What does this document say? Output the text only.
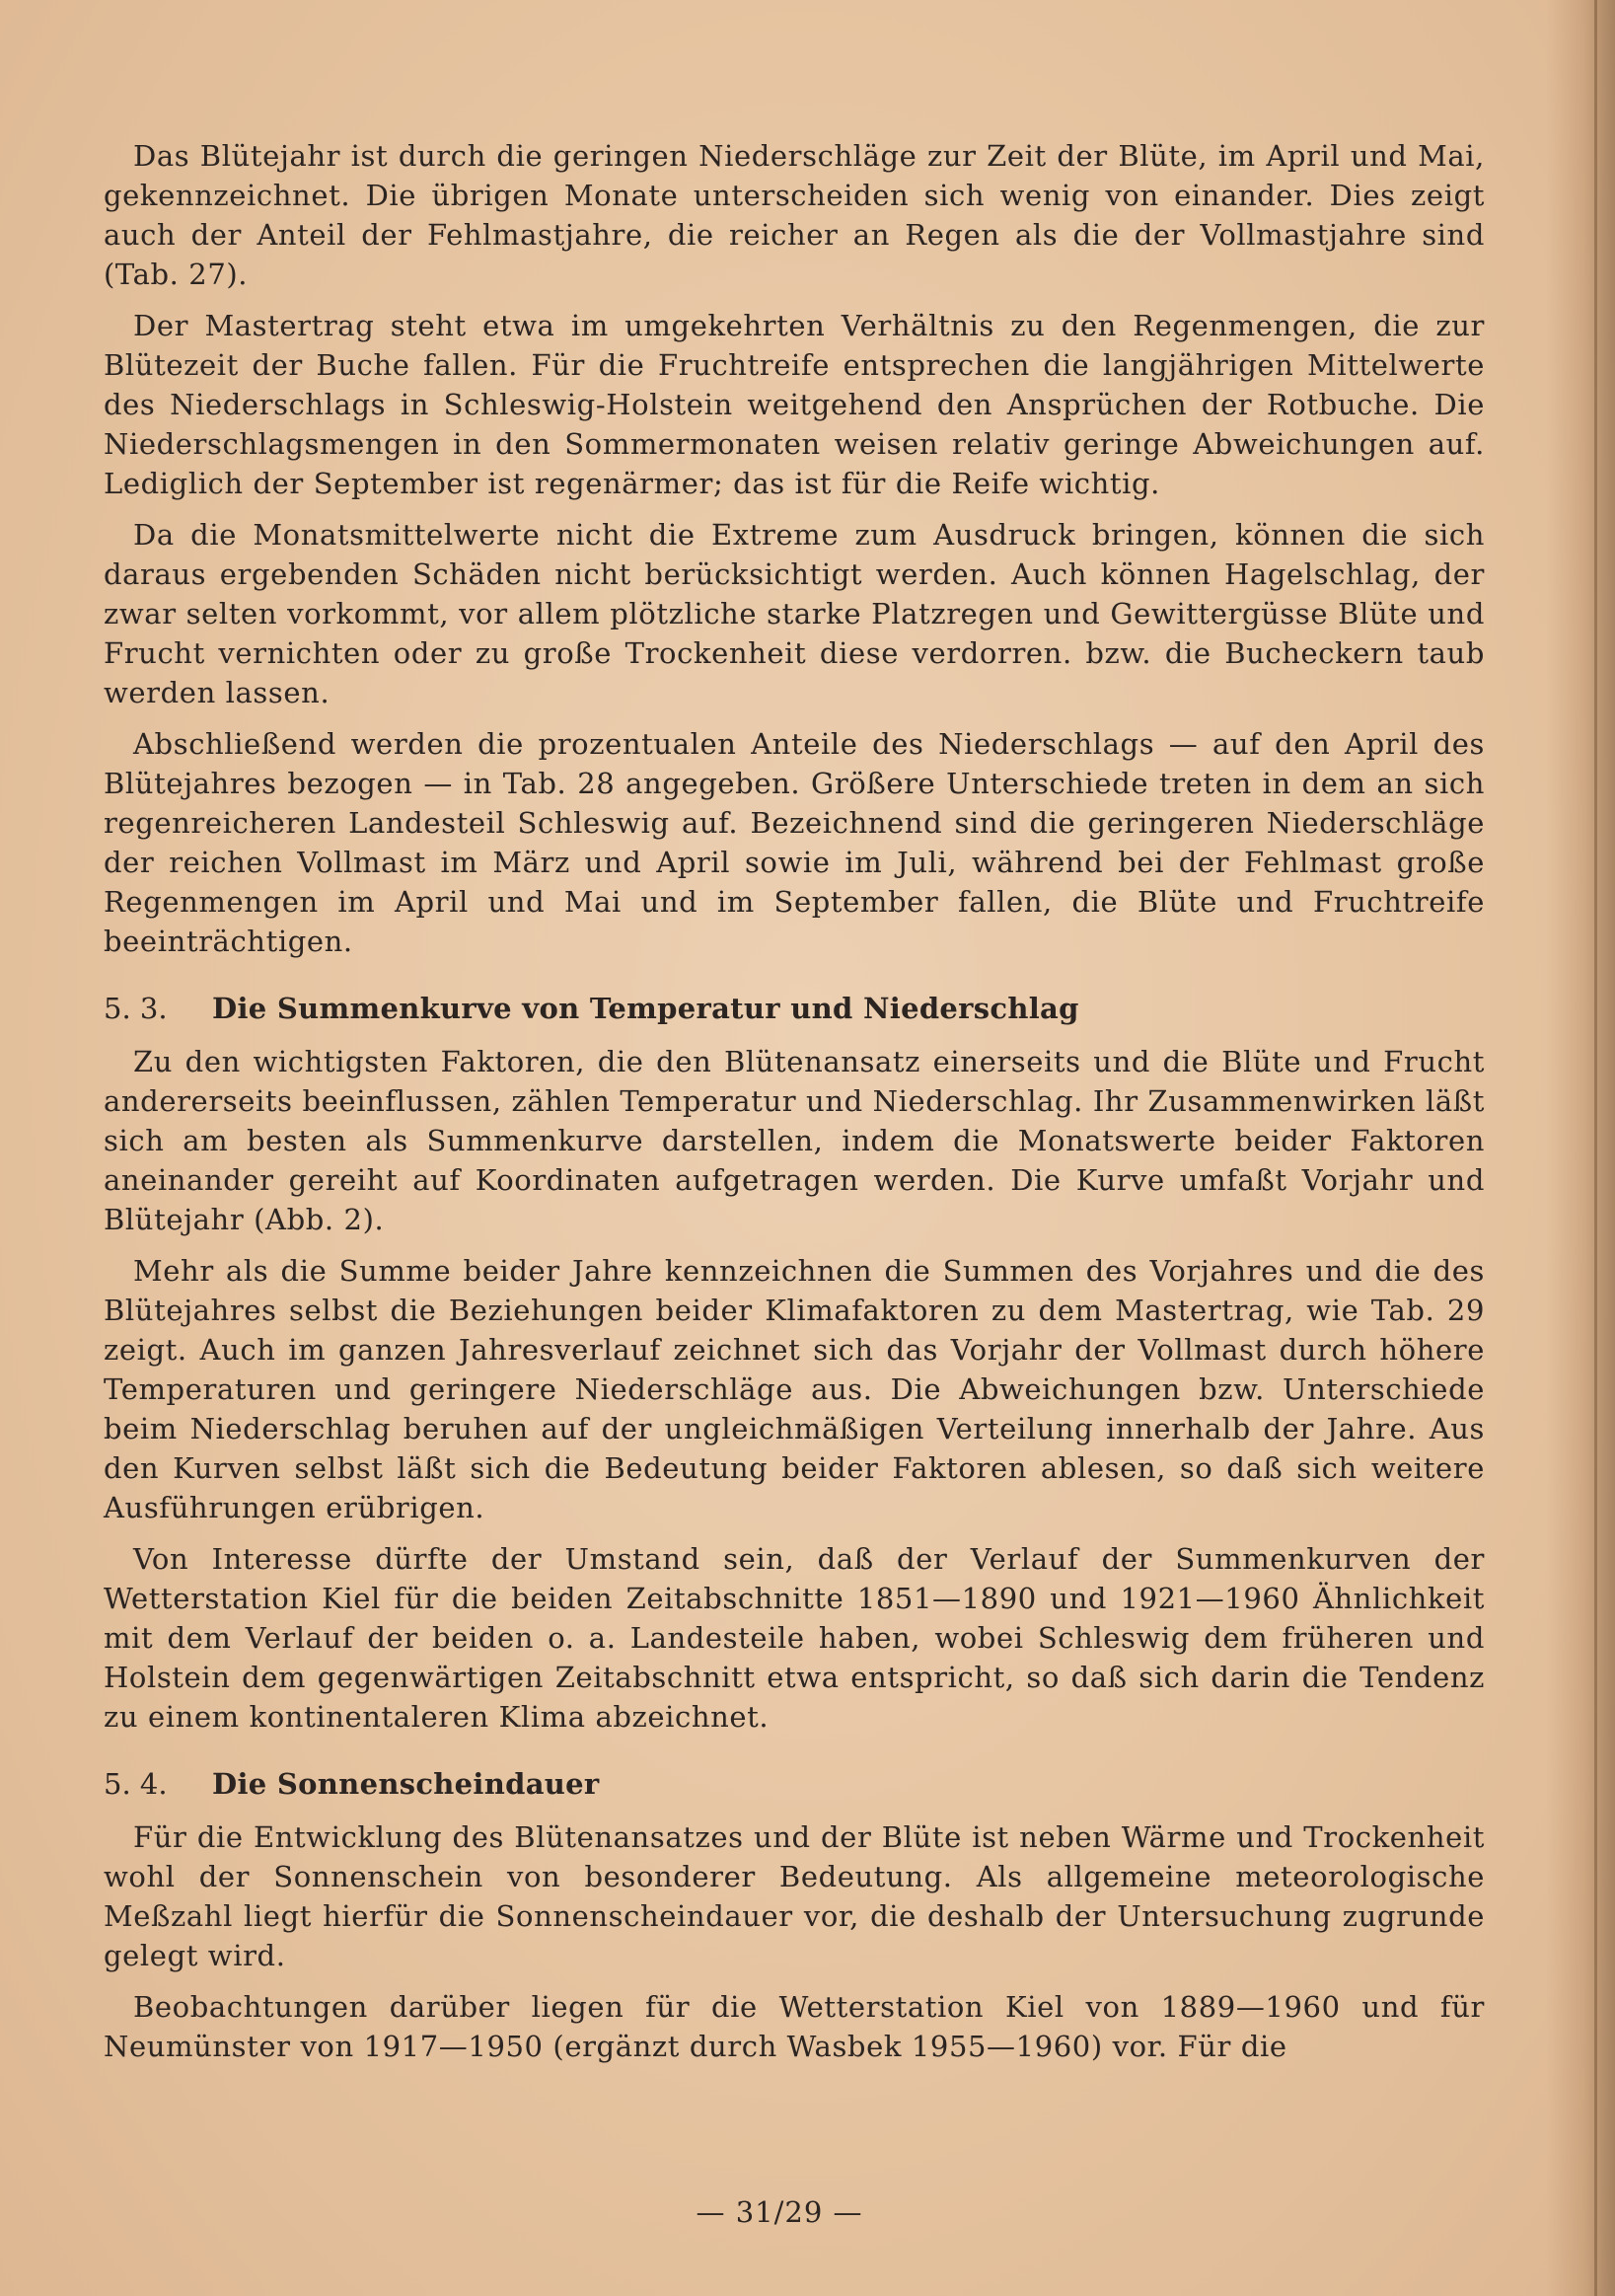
Das Blütejahr ist durch die geringen Niederschläge zur Zeit der Blüte, im April und Mai, gekennzeichnet. Die übrigen Monate unterscheiden sich wenig von einander. Dies zeigt auch der Anteil der Fehlmastjahre, die reicher an Regen als die der Vollmastjahre sind (Tab. 27).

Der Mastertrag steht etwa im umgekehrten Verhältnis zu den Regenmengen, die zur Blütezeit der Buche fallen. Für die Fruchtreife entsprechen die langjährigen Mittelwerte des Niederschlags in Schleswig-Holstein weitgehend den Ansprüchen der Rotbuche. Die Niederschlagsmengen in den Sommermonaten weisen relativ geringe Abweichungen auf. Lediglich der September ist regenärmer; das ist für die Reife wichtig.

Da die Monatsmittelwerte nicht die Extreme zum Ausdruck bringen, können die sich daraus ergebenden Schäden nicht berücksichtigt werden. Auch können Hagelschlag, der zwar selten vorkommt, vor allem plötzliche starke Platzregen und Gewittergüsse Blüte und Frucht vernichten oder zu große Trockenheit diese verdorren. bzw. die Bucheckern taub werden lassen.

Abschließend werden die prozentualen Anteile des Niederschlags — auf den April des Blütejahres bezogen — in Tab. 28 angegeben. Größere Unterschiede treten in dem an sich regenreicheren Landesteil Schleswig auf. Bezeichnend sind die geringeren Niederschläge der reichen Vollmast im März und April sowie im Juli, während bei der Fehlmast große Regenmengen im April und Mai und im September fallen, die Blüte und Fruchtreife beeinträchtigen.

5. 3.	Die Summenkurve von Temperatur und Niederschlag

Zu den wichtigsten Faktoren, die den Blütenansatz einerseits und die Blüte und Frucht andererseits beeinflussen, zählen Temperatur und Niederschlag. Ihr Zusammenwirken läßt sich am besten als Summenkurve darstellen, indem die Monatswerte beider Faktoren aneinander gereiht auf Koordinaten aufgetragen werden. Die Kurve umfaßt Vorjahr und Blütejahr (Abb. 2).

Mehr als die Summe beider Jahre kennzeichnen die Summen des Vorjahres und die des Blütejahres selbst die Beziehungen beider Klimafaktoren zu dem Mastertrag, wie Tab. 29 zeigt. Auch im ganzen Jahresverlauf zeichnet sich das Vorjahr der Vollmast durch höhere Temperaturen und geringere Niederschläge aus. Die Abweichungen bzw. Unterschiede beim Niederschlag beruhen auf der ungleichmäßigen Verteilung innerhalb der Jahre. Aus den Kurven selbst läßt sich die Bedeutung beider Faktoren ablesen, so daß sich weitere Ausführungen erübrigen.

Von Interesse dürfte der Umstand sein, daß der Verlauf der Summenkurven der Wetterstation Kiel für die beiden Zeitabschnitte 1851—1890 und 1921—1960 Ähnlichkeit mit dem Verlauf der beiden o. a. Landesteile haben, wobei Schleswig dem früheren und Holstein dem gegenwärtigen Zeitabschnitt etwa entspricht, so daß sich darin die Tendenz zu einem kontinentaleren Klima abzeichnet.

5. 4.	Die Sonnenscheindauer

Für die Entwicklung des Blütenansatzes und der Blüte ist neben Wärme und Trockenheit wohl der Sonnenschein von besonderer Bedeutung. Als allgemeine meteorologische Meßzahl liegt hierfür die Sonnenscheindauer vor, die deshalb der Untersuchung zugrunde gelegt wird.

Beobachtungen darüber liegen für die Wetterstation Kiel von 1889—1960 und für Neumünster von 1917—1950 (ergänzt durch Wasbek 1955—1960) vor. Für die

— 31/29 —
